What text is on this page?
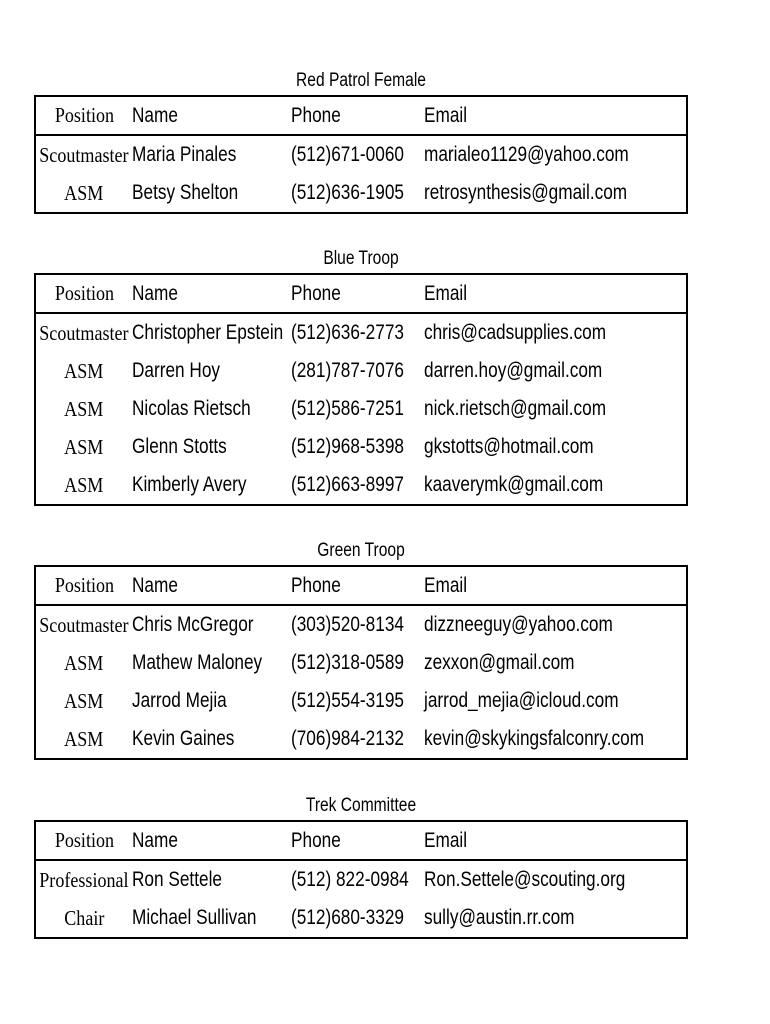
Red Patrol Female
Position Name	Phone	Email
Scoutmaster Maria Pinales	(512)671-0060 marialeo1129@yahoo.com
ASM Betsy Shelton	(512)636-1905 retrosynthesis@gmail.com
Blue Troop
Position Name	Phone	Email
Scoutmaster Christopher Epstein (512)636-2773 chris@cadsupplies.com
ASM Darren Hoy	(281)787-7076 darren.hoy@gmail.com
ASM Nicolas Rietsch (512)586-7251 nick.rietsch@gmail.com
ASM Glenn Stotts	(512)968-5398 gkstotts@hotmail.com
ASM Kimberly Avery (512)663-8997 kaaverymk@gmail.com
Green Troop
Position Name	Phone	Email
Scoutmaster Chris McGregor (303)520-8134 dizzneeguy@yahoo.com
ASM Mathew Maloney (512)318-0589 zexxon@gmail.com
ASM Jarrod Mejia	(512)554-3195 jarrod_mejia@icloud.com
ASM Kevin Gaines	(706)984-2132 kevin@skykingsfalconry.com
Trek Committee
Position Name	Phone	Email
Professional Ron Settele	(512) 822-0984 Ron.Settele@scouting.org
Chair Michael Sullivan (512)680-3329 sully@austin.rr.com
